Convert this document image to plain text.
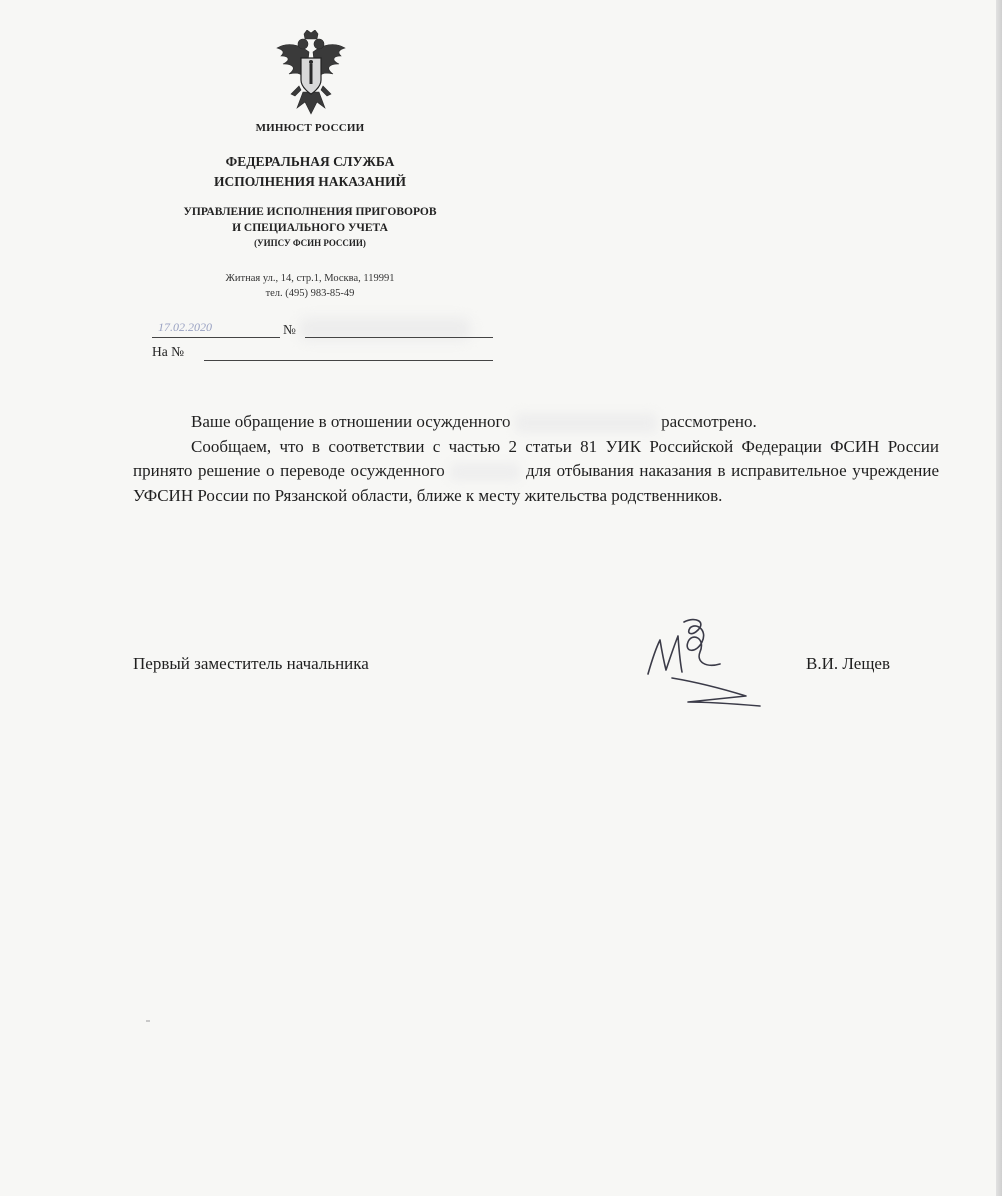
МИНЮСТ РОССИИ
ФЕДЕРАЛЬНАЯ СЛУЖБА
ИСПОЛНЕНИЯ НАКАЗАНИЙ
УПРАВЛЕНИЕ ИСПОЛНЕНИЯ ПРИГОВОРОВ
И СПЕЦИАЛЬНОГО УЧЕТА
(УИПСУ ФСИН РОССИИ)
Житная ул., 14, стр.1, Москва, 119991
тел. (495) 983-85-49
17.02.2020	№
На №

Ваше обращение в отношении осужденного	рассмотрено.

Сообщаем, что в соответствии с частью 2 статьи 81 УИК Российской Федерации ФСИН России принято решение о переводе осужденного	для отбывания наказания в исправительное учреждение УФСИН России по Рязанской области, ближе к месту жительства родственников.

Первый заместитель начальника	В.И. Лещев
